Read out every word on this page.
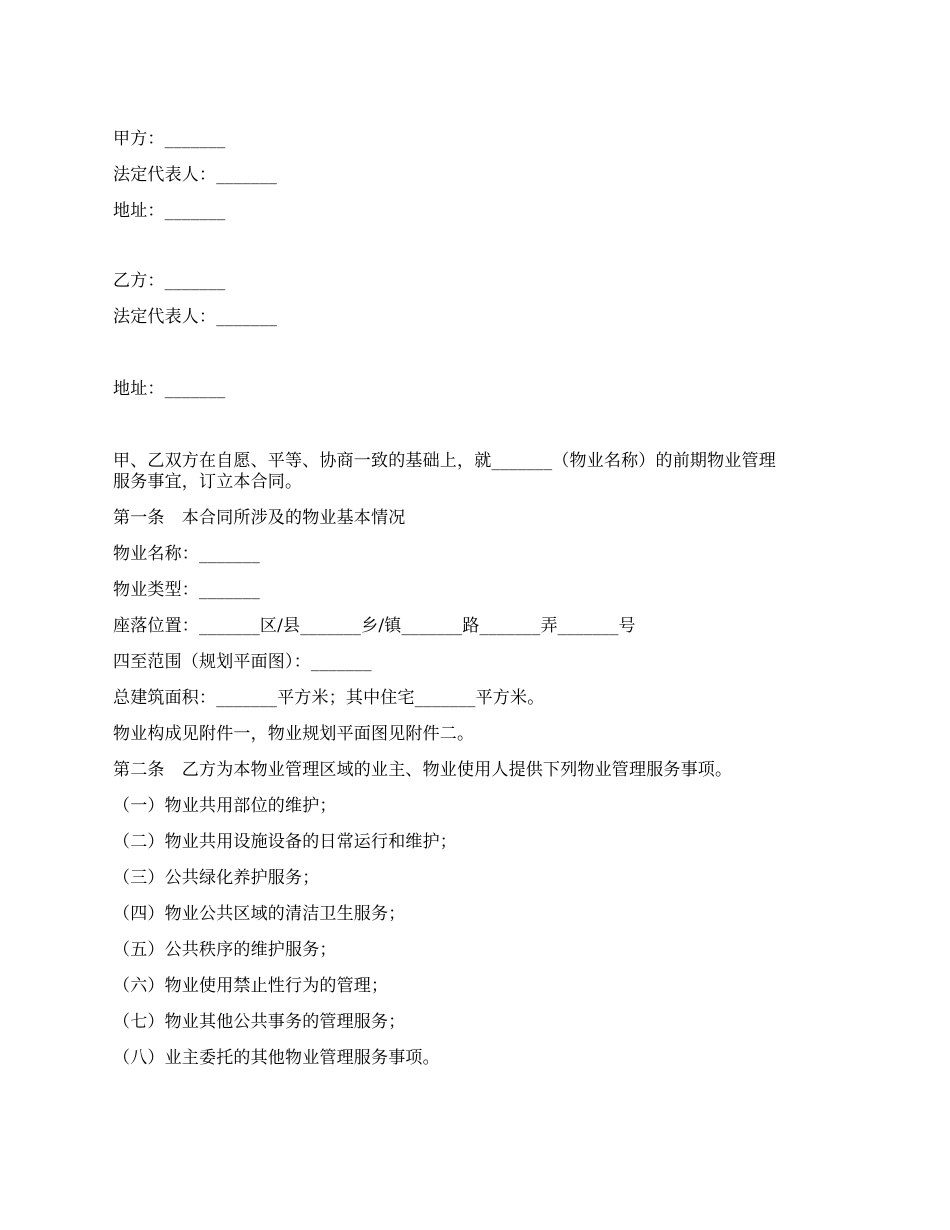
甲方：_______
法定代表人：_______
地址：_______
乙方：_______
法定代表人：_______
地址：_______
甲、乙双方在自愿、平等、协商一致的基础上，就_______（物业名称）的前期物业管理
服务事宜，订立本合同。
第一条　本合同所涉及的物业基本情况
物业名称：_______
物业类型：_______
座落位置：_______区/县_______乡/镇_______路_______弄_______号
四至范围（规划平面图）：_______
总建筑面积：_______平方米；其中住宅_______平方米。
物业构成见附件一，物业规划平面图见附件二。
第二条　乙方为本物业管理区域的业主、物业使用人提供下列物业管理服务事项。
（一）物业共用部位的维护；
（二）物业共用设施设备的日常运行和维护；
（三）公共绿化养护服务；
（四）物业公共区域的清洁卫生服务；
（五）公共秩序的维护服务；
（六）物业使用禁止性行为的管理；
（七）物业其他公共事务的管理服务；
（八）业主委托的其他物业管理服务事项。
